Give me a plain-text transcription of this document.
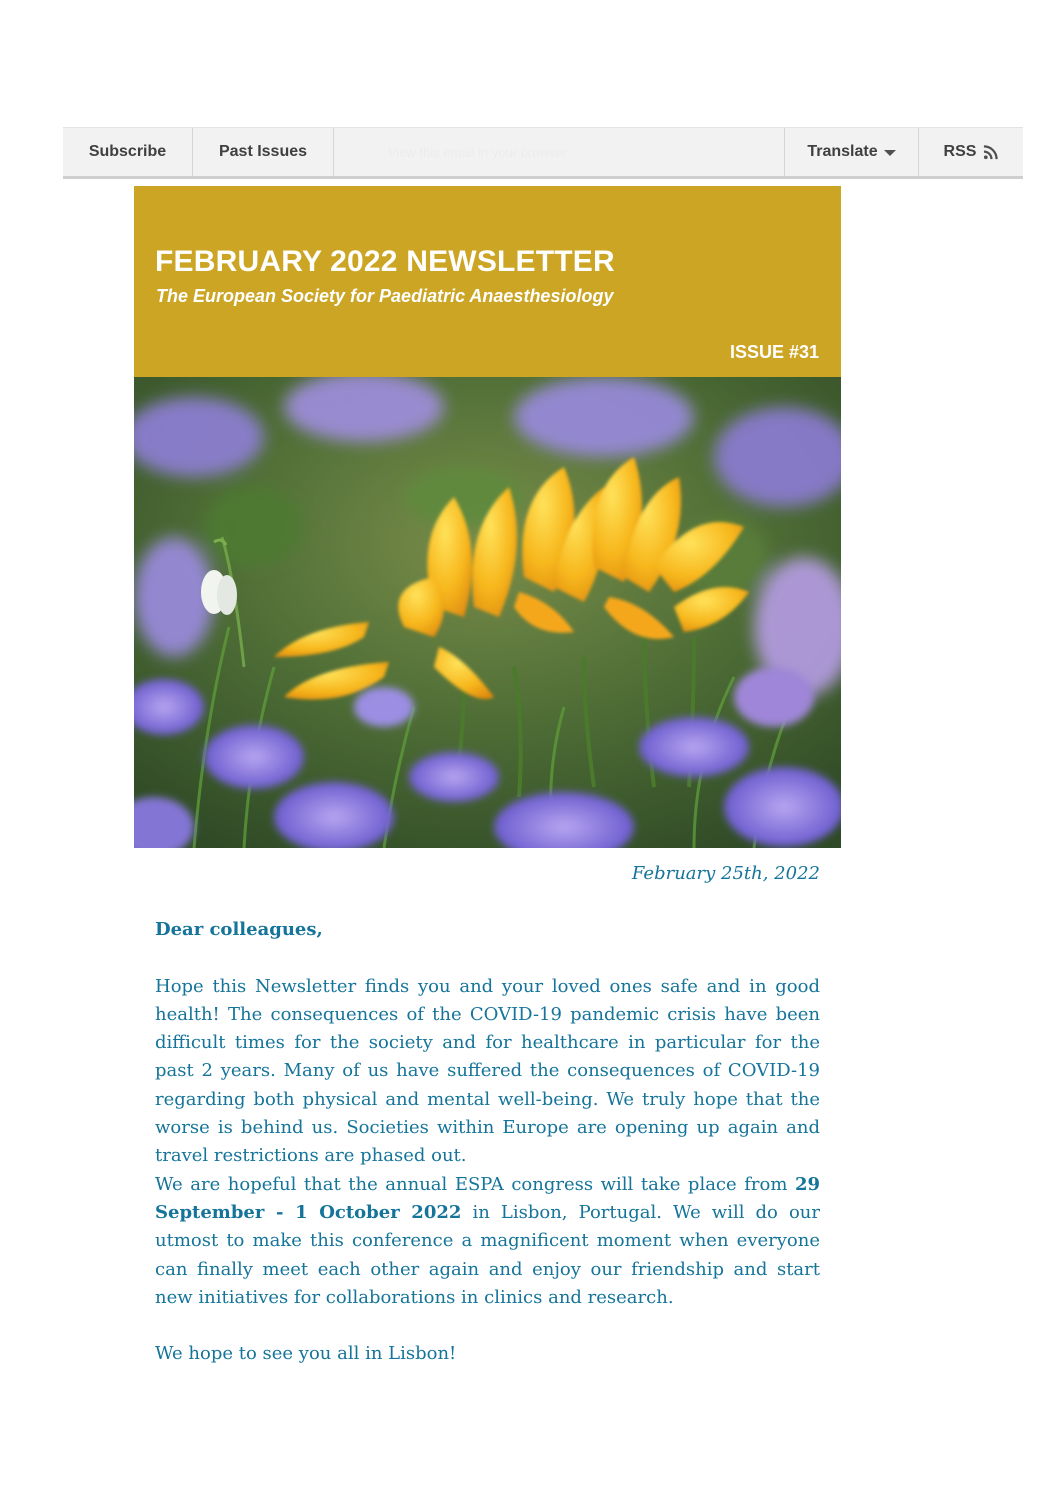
Subscribe	Past Issues	View this email in your browser	Translate	RSS
FEBRUARY 2022 NEWSLETTER
The European Society for Paediatric Anaesthesiology
ISSUE #31

February 25th, 2022

Dear colleagues,

Hope this Newsletter finds you and your loved ones safe and in good health! The consequences of the COVID-19 pandemic crisis have been difficult times for the society and for healthcare in particular for the past 2 years. Many of us have suffered the consequences of COVID-19 regarding both physical and mental well-being. We truly hope that the worse is behind us. Societies within Europe are opening up again and travel restrictions are phased out.

We are hopeful that the annual ESPA congress will take place from 29 September - 1 October 2022 in Lisbon, Portugal. We will do our utmost to make this conference a magnificent moment when everyone can finally meet each other again and enjoy our friendship and start new initiatives for collaborations in clinics and research.

We hope to see you all in Lisbon!
